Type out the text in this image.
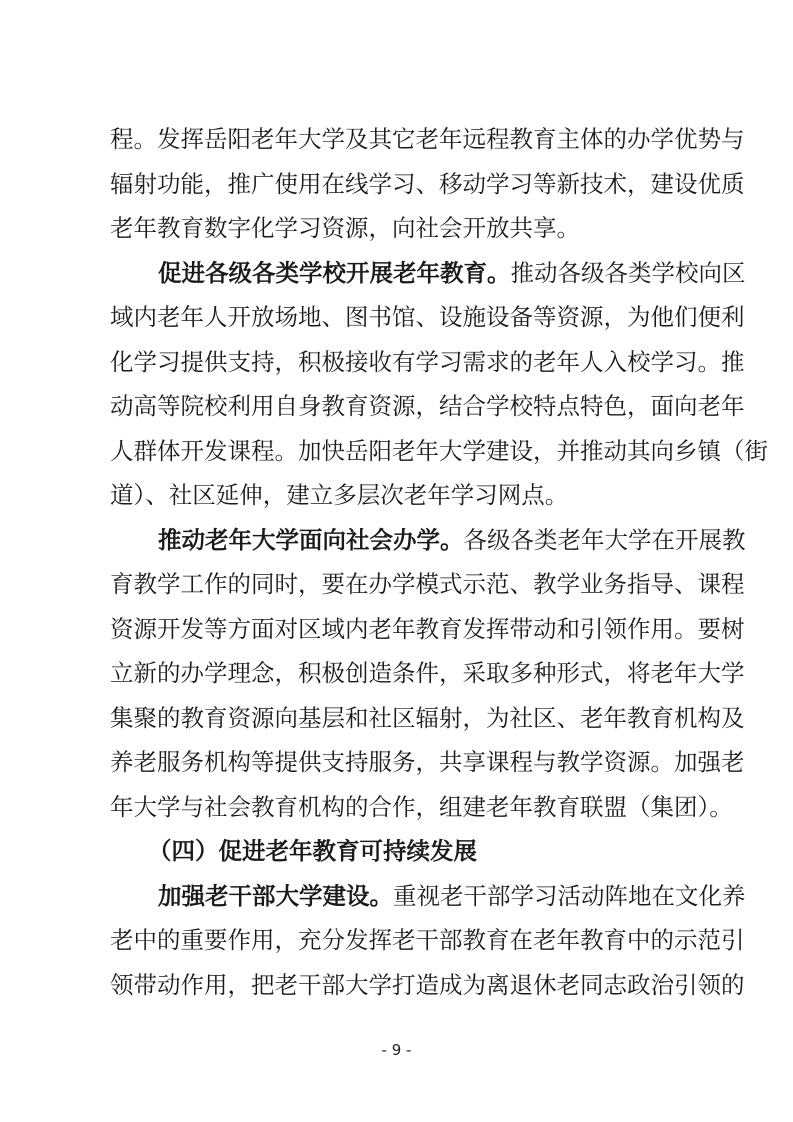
程。发挥岳阳老年大学及其它老年远程教育主体的办学优势与
辐射功能，推广使用在线学习、移动学习等新技术，建设优质
老年教育数字化学习资源，向社会开放共享。
促进各级各类学校开展老年教育。推动各级各类学校向区
域内老年人开放场地、图书馆、设施设备等资源，为他们便利
化学习提供支持，积极接收有学习需求的老年人入校学习。推
动高等院校利用自身教育资源，结合学校特点特色，面向老年
人群体开发课程。加快岳阳老年大学建设，并推动其向乡镇（街
道）、社区延伸，建立多层次老年学习网点。
推动老年大学面向社会办学。各级各类老年大学在开展教
育教学工作的同时，要在办学模式示范、教学业务指导、课程
资源开发等方面对区域内老年教育发挥带动和引领作用。要树
立新的办学理念，积极创造条件，采取多种形式，将老年大学
集聚的教育资源向基层和社区辐射，为社区、老年教育机构及
养老服务机构等提供支持服务，共享课程与教学资源。加强老
年大学与社会教育机构的合作，组建老年教育联盟（集团）。
（四）促进老年教育可持续发展
加强老干部大学建设。重视老干部学习活动阵地在文化养
老中的重要作用，充分发挥老干部教育在老年教育中的示范引
领带动作用，把老干部大学打造成为离退休老同志政治引领的
- 9 -
